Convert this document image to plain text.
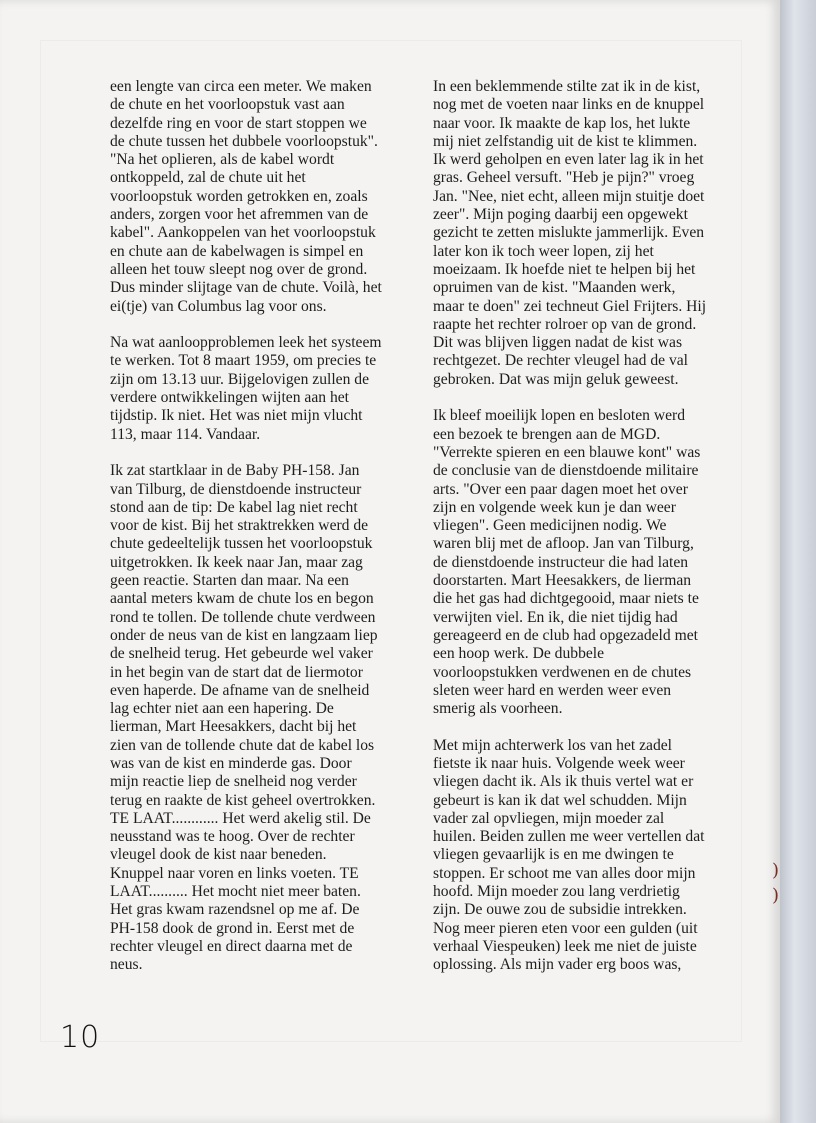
een lengte van circa een meter. We maken
de chute en het voorloopstuk vast aan
dezelfde ring en voor de start stoppen we
de chute tussen het dubbele voorloopstuk".
"Na het oplieren, als de kabel wordt
ontkoppeld, zal de chute uit het
voorloopstuk worden getrokken en, zoals
anders, zorgen voor het afremmen van de
kabel". Aankoppelen van het voorloopstuk
en chute aan de kabelwagen is simpel en
alleen het touw sleept nog over de grond.
Dus minder slijtage van de chute. Voilà, het
ei(tje) van Columbus lag voor ons.
Na wat aanloopproblemen leek het systeem
te werken. Tot 8 maart 1959, om precies te
zijn om 13.13 uur. Bijgelovigen zullen de
verdere ontwikkelingen wijten aan het
tijdstip. Ik niet. Het was niet mijn vlucht
113, maar 114. Vandaar.
Ik zat startklaar in de Baby PH-158. Jan
van Tilburg, de dienstdoende instructeur
stond aan de tip: De kabel lag niet recht
voor de kist. Bij het straktrekken werd de
chute gedeeltelijk tussen het voorloopstuk
uitgetrokken. Ik keek naar Jan, maar zag
geen reactie. Starten dan maar. Na een
aantal meters kwam de chute los en begon
rond te tollen. De tollende chute verdween
onder de neus van de kist en langzaam liep
de snelheid terug. Het gebeurde wel vaker
in het begin van de start dat de liermotor
even haperde. De afname van de snelheid
lag echter niet aan een hapering. De
lierman, Mart Heesakkers, dacht bij het
zien van de tollende chute dat de kabel los
was van de kist en minderde gas. Door
mijn reactie liep de snelheid nog verder
terug en raakte de kist geheel overtrokken.
TE LAAT............ Het werd akelig stil. De
neusstand was te hoog. Over de rechter
vleugel dook de kist naar beneden.
Knuppel naar voren en links voeten. TE
LAAT.......... Het mocht niet meer baten.
Het gras kwam razendsnel op me af. De
PH-158 dook de grond in. Eerst met de
rechter vleugel en direct daarna met de
neus.
In een beklemmende stilte zat ik in de kist,
nog met de voeten naar links en de knuppel
naar voor. Ik maakte de kap los, het lukte
mij niet zelfstandig uit de kist te klimmen.
Ik werd geholpen en even later lag ik in het
gras. Geheel versuft. "Heb je pijn?" vroeg
Jan. "Nee, niet echt, alleen mijn stuitje doet
zeer". Mijn poging daarbij een opgewekt
gezicht te zetten mislukte jammerlijk. Even
later kon ik toch weer lopen, zij het
moeizaam. Ik hoefde niet te helpen bij het
opruimen van de kist. "Maanden werk,
maar te doen" zei techneut Giel Frijters. Hij
raapte het rechter rolroer op van de grond.
Dit was blijven liggen nadat de kist was
rechtgezet. De rechter vleugel had de val
gebroken. Dat was mijn geluk geweest.
Ik bleef moeilijk lopen en besloten werd
een bezoek te brengen aan de MGD.
"Verrekte spieren en een blauwe kont" was
de conclusie van de dienstdoende militaire
arts. "Over een paar dagen moet het over
zijn en volgende week kun je dan weer
vliegen". Geen medicijnen nodig. We
waren blij met de afloop. Jan van Tilburg,
de dienstdoende instructeur die had laten
doorstarten. Mart Heesakkers, de lierman
die het gas had dichtgegooid, maar niets te
verwijten viel. En ik, die niet tijdig had
gereageerd en de club had opgezadeld met
een hoop werk. De dubbele
voorloopstukken verdwenen en de chutes
sleten weer hard en werden weer even
smerig als voorheen.
Met mijn achterwerk los van het zadel
fietste ik naar huis. Volgende week weer
vliegen dacht ik. Als ik thuis vertel wat er
gebeurt is kan ik dat wel schudden. Mijn
vader zal opvliegen, mijn moeder zal
huilen. Beiden zullen me weer vertellen dat
vliegen gevaarlijk is en me dwingen te
stoppen. Er schoot me van alles door mijn
hoofd. Mijn moeder zou lang verdrietig
zijn. De ouwe zou de subsidie intrekken.
Nog meer pieren eten voor een gulden (uit
verhaal Viespeuken) leek me niet de juiste
oplossing. Als mijn vader erg boos was,
10
)
)
